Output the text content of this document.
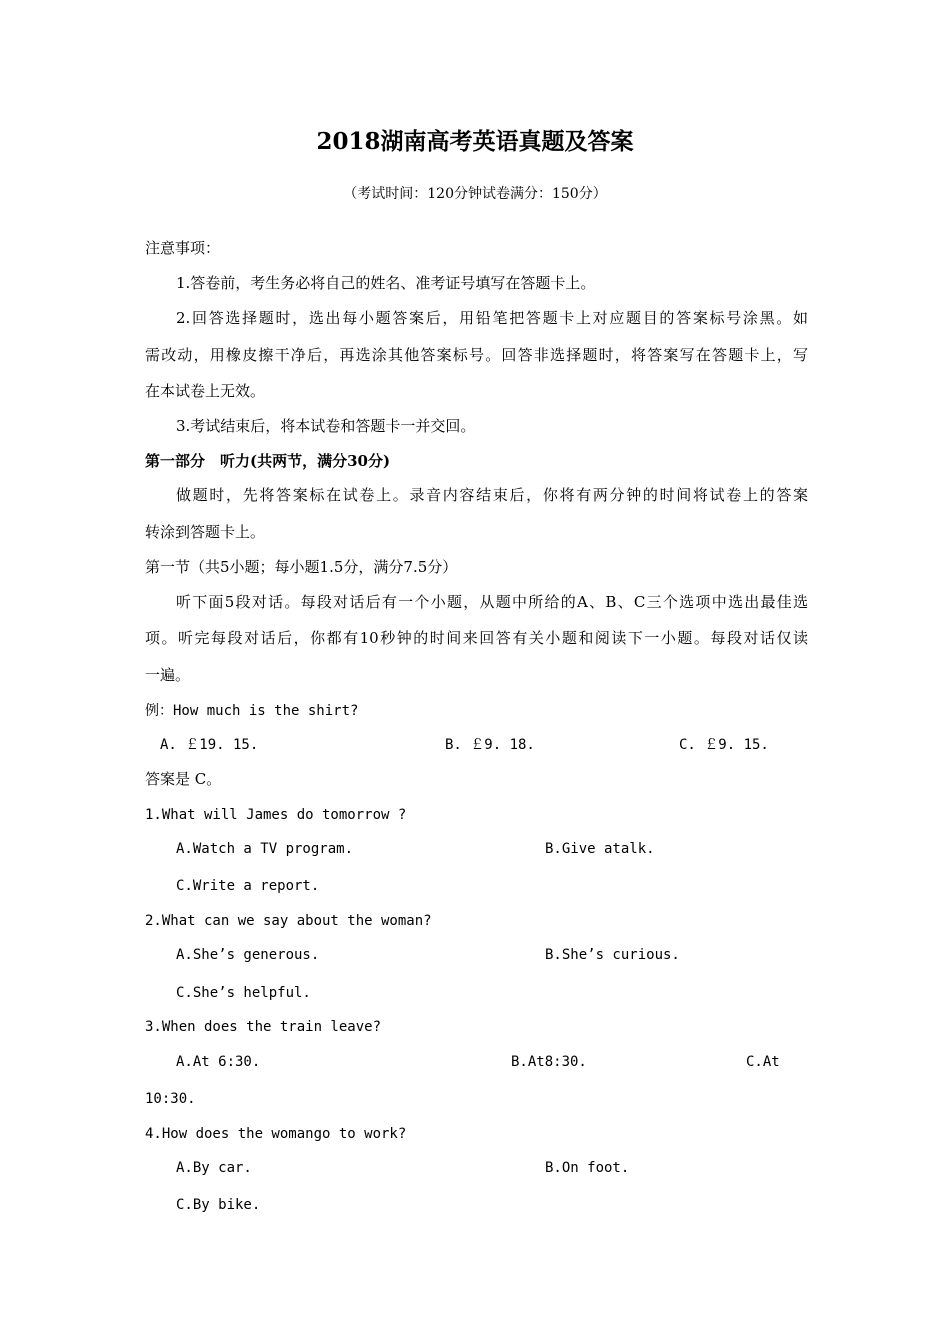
2018湖南高考英语真题及答案
（考试时间：120分钟试卷满分：150分）
注意事项：
1.答卷前，考生务必将自己的姓名、准考证号填写在答题卡上。
2.回答选择题时，选出每小题答案后，用铅笔把答题卡上对应题目的答案标号涂黑。如
需改动，用橡皮擦干净后，再选涂其他答案标号。回答非选择题时，将答案写在答题卡上，写
在本试卷上无效。
3.考试结束后，将本试卷和答题卡一并交回。
第一部分　听力(共两节，满分30分)
做题时，先将答案标在试卷上。录音内容结束后，你将有两分钟的时间将试卷上的答案
转涂到答题卡上。
第一节（共5小题；每小题1.5分，满分7.5分）
听下面5段对话。每段对话后有一个小题，从题中所给的A、B、C三个选项中选出最佳选
项。听完每段对话后，你都有10秒钟的时间来回答有关小题和阅读下一小题。每段对话仅读
一遍。
例：How much is the shirt?
A. ￡19. 15.	B. ￡9. 18.	C. ￡9. 15.
答案是 C。
1.What will James do tomorrow ?
A.Watch a TV program.	B.Give atalk.
C.Write a report.
2.What can we say about the woman?
A.She’s generous.	B.She’s curious.
C.She’s helpful.
3.When does the train leave?
A.At 6:30.	B.At8:30.	C.At
10:30.
4.How does the womango to work?
A.By car.	B.On foot.
C.By bike.
